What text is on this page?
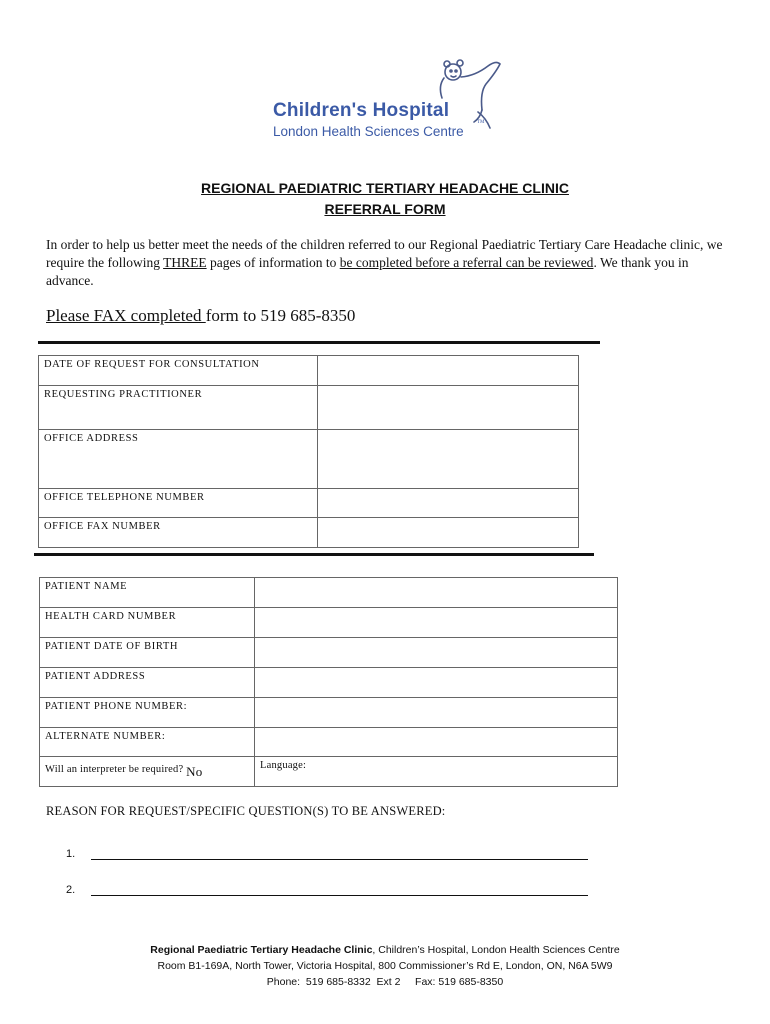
Children's Hospital
London Health Sciences Centre
TM
REGIONAL PAEDIATRIC TERTIARY HEADACHE CLINIC
REFERRAL FORM
In order to help us better meet the needs of the children referred to our Regional Paediatric Tertiary Care Headache clinic, we require the following THREE pages of information to be completed before a referral can be reviewed. We thank you in advance.
Please FAX completed form to 519 685-8350
DATE OF REQUEST FOR CONSULTATION	

REQUESTING PRACTITIONER	

OFFICE ADDRESS	

OFFICE TELEPHONE NUMBER	

OFFICE FAX NUMBER	

PATIENT NAME	

HEALTH CARD NUMBER	

PATIENT DATE OF BIRTH	

PATIENT ADDRESS	

PATIENT PHONE NUMBER:	

ALTERNATE NUMBER:	

Will an interpreter be required? No	Language:
REASON FOR REQUEST/SPECIFIC QUESTION(S) TO BE ANSWERED:
1.
2.
Regional Paediatric Tertiary Headache Clinic, Children’s Hospital, London Health Sciences Centre
Room B1-169A, North Tower, Victoria Hospital, 800 Commissioner’s Rd E, London, ON, N6A 5W9
Phone:  519 685-8332  Ext 2     Fax: 519 685-8350
